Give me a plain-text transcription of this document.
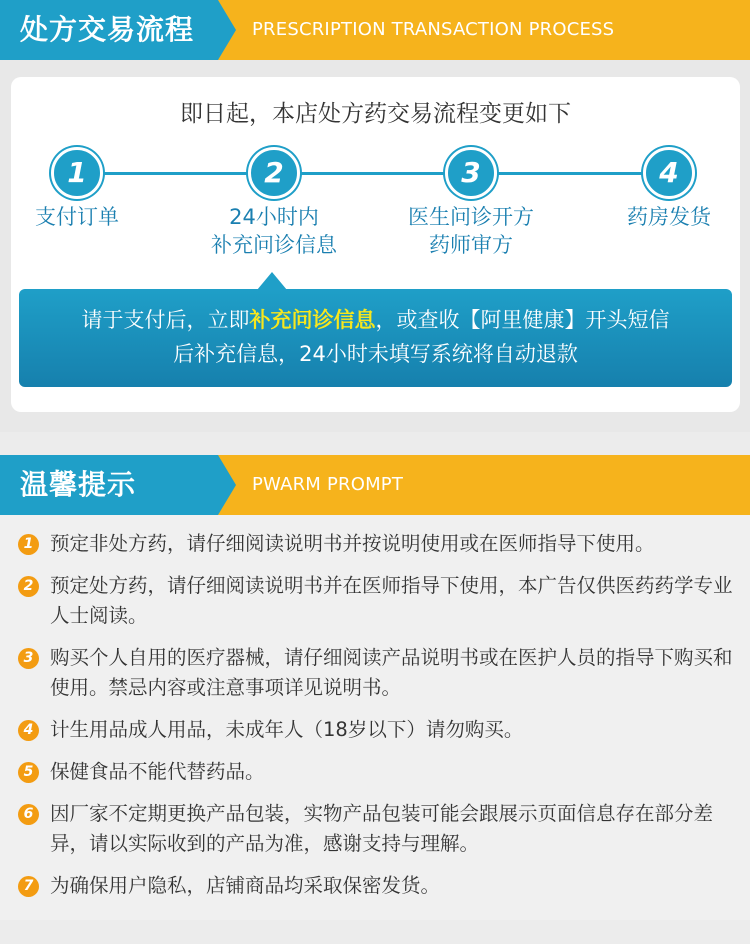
处方交易流程	PRESCRIPTION TRANSACTION PROCESS
即日起，本店处方药交易流程变更如下
1	2	3	4
支付订单	24小时内
补充问诊信息
医生问诊开方
药师审方
药房发货
请于支付后，立即补充问诊信息，或查收【阿里健康】开头短信
后补充信息，24小时未填写系统将自动退款
温馨提示	PWARM PROMPT
1 预定非处方药，请仔细阅读说明书并按说明使用或在医师指导下使用。
2 预定处方药，请仔细阅读说明书并在医师指导下使用，本广告仅供医药药学专业人士阅读。
3 购买个人自用的医疗器械，请仔细阅读产品说明书或在医护人员的指导下购买和使用。禁忌内容或注意事项详见说明书。
4 计生用品成人用品，未成年人（18岁以下）请勿购买。
5 保健食品不能代替药品。
6 因厂家不定期更换产品包装，实物产品包装可能会跟展示页面信息存在部分差异，请以实际收到的产品为准，感谢支持与理解。
7 为确保用户隐私，店铺商品均采取保密发货。
